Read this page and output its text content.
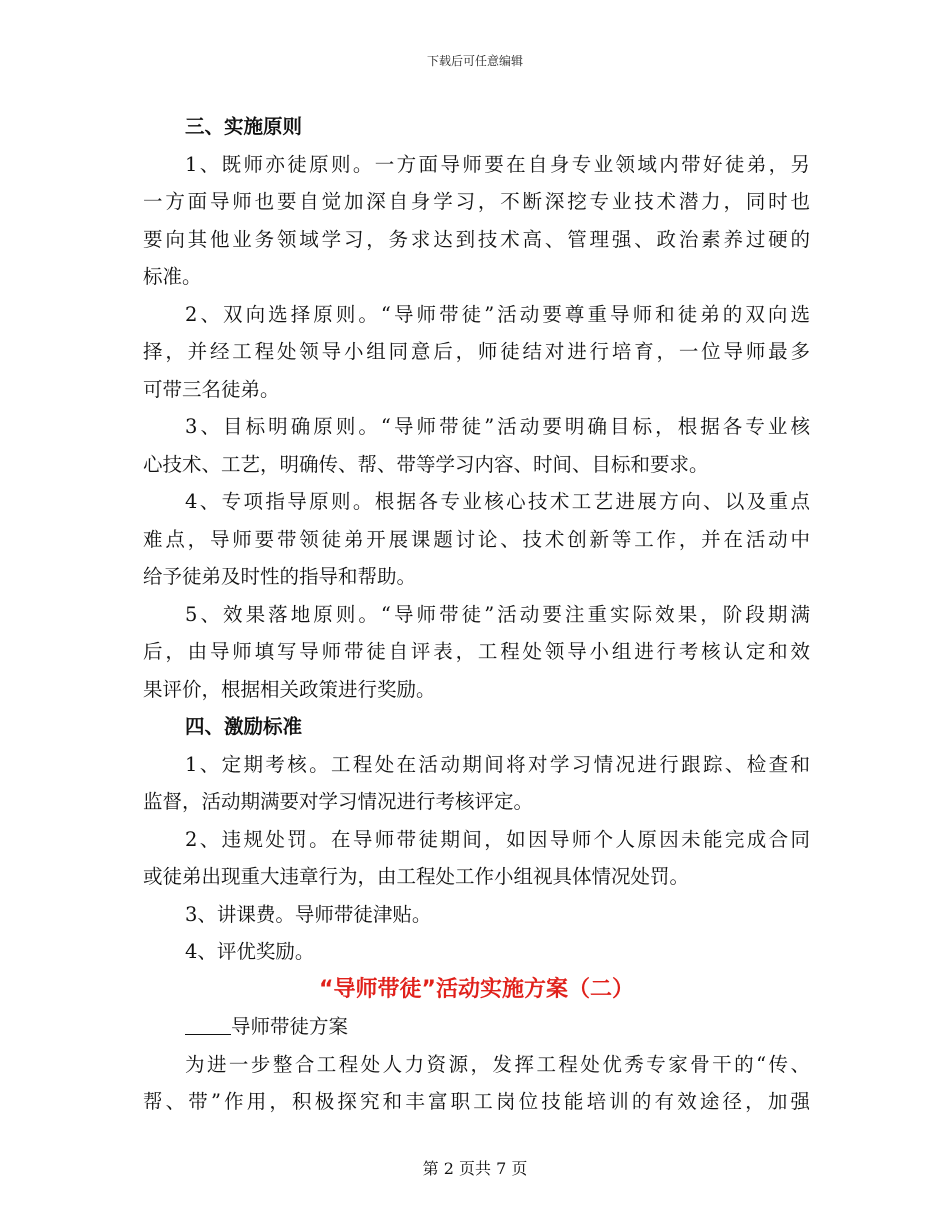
下载后可任意编辑
三、实施原则
1、既师亦徒原则。一方面导师要在自身专业领域内带好徒弟，另
一方面导师也要自觉加深自身学习，不断深挖专业技术潜力，同时也
要向其他业务领域学习，务求达到技术高、管理强、政治素养过硬的
标准。
2、双向选择原则。“导师带徒”活动要尊重导师和徒弟的双向选
择，并经工程处领导小组同意后，师徒结对进行培育，一位导师最多
可带三名徒弟。
3、目标明确原则。“导师带徒”活动要明确目标，根据各专业核
心技术、工艺，明确传、帮、带等学习内容、时间、目标和要求。
4、专项指导原则。根据各专业核心技术工艺进展方向、以及重点
难点，导师要带领徒弟开展课题讨论、技术创新等工作，并在活动中
给予徒弟及时性的指导和帮助。
5、效果落地原则。“导师带徒”活动要注重实际效果，阶段期满
后，由导师填写导师带徒自评表，工程处领导小组进行考核认定和效
果评价，根据相关政策进行奖励。
四、激励标准
1、定期考核。工程处在活动期间将对学习情况进行跟踪、检查和
监督，活动期满要对学习情况进行考核评定。
2、违规处罚。在导师带徒期间，如因导师个人原因未能完成合同
或徒弟出现重大违章行为，由工程处工作小组视具体情况处罚。
3、讲课费。导师带徒津贴。
4、评优奖励。
“导师带徒”活动实施方案（二）
导师带徒方案
为进一步整合工程处人力资源，发挥工程处优秀专家骨干的“传、
帮、带”作用，积极探究和丰富职工岗位技能培训的有效途径，加强
第 2 页共 7 页
